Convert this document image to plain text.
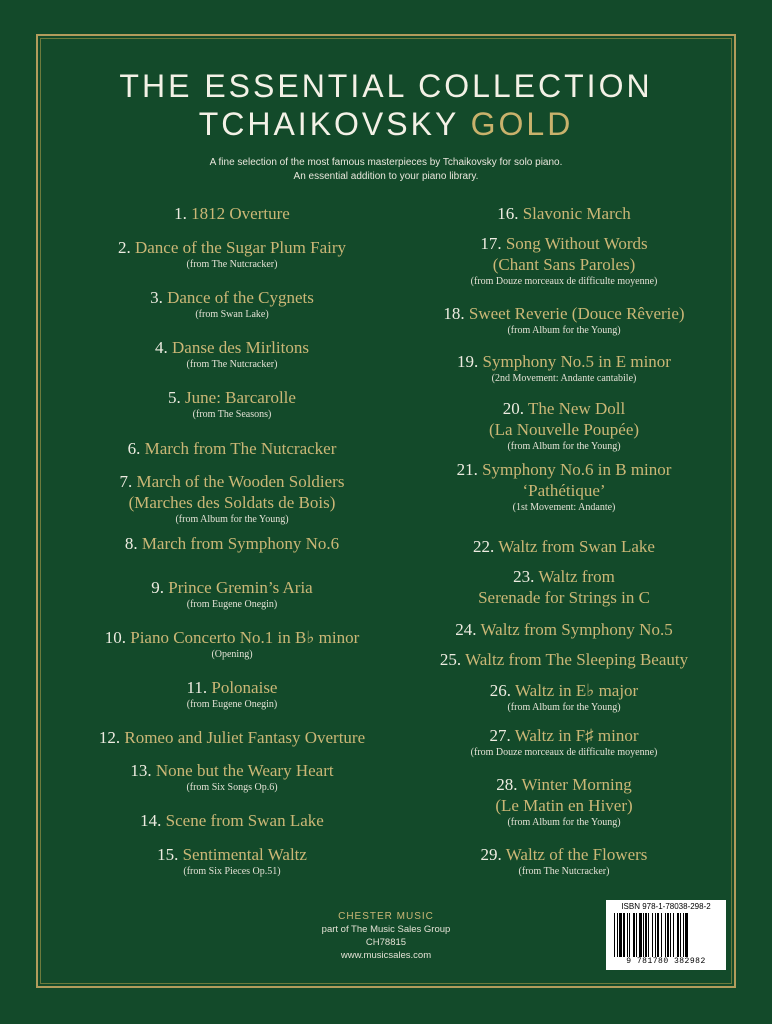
THE ESSENTIAL COLLECTION
TCHAIKOVSKY GOLD
A fine selection of the most famous masterpieces by Tchaikovsky for solo piano.
An essential addition to your piano library.
1. 1812 Overture
2. Dance of the Sugar Plum Fairy
(from The Nutcracker)
3. Dance of the Cygnets
(from Swan Lake)
4. Danse des Mirlitons
(from The Nutcracker)
5. June: Barcarolle
(from The Seasons)
6. March from The Nutcracker
7. March of the Wooden Soldiers
(Marches des Soldats de Bois)
(from Album for the Young)
8. March from Symphony No.6
9. Prince Gremin’s Aria
(from Eugene Onegin)
10. Piano Concerto No.1 in B♭ minor
(Opening)
11. Polonaise
(from Eugene Onegin)
12. Romeo and Juliet Fantasy Overture
13. None but the Weary Heart
(from Six Songs Op.6)
14. Scene from Swan Lake
15. Sentimental Waltz
(from Six Pieces Op.51)
16. Slavonic March
17. Song Without Words
(Chant Sans Paroles)
(from Douze morceaux de difficulte moyenne)
18. Sweet Reverie (Douce Rêverie)
(from Album for the Young)
19. Symphony No.5 in E minor
(2nd Movement: Andante cantabile)
20. The New Doll
(La Nouvelle Poupée)
(from Album for the Young)
21. Symphony No.6 in B minor
‘Pathétique’
(1st Movement: Andante)
22. Waltz from Swan Lake
23. Waltz from
Serenade for Strings in C
24. Waltz from Symphony No.5
25. Waltz from The Sleeping Beauty
26. Waltz in E♭ major
(from Album for the Young)
27. Waltz in F♯ minor
(from Douze morceaux de difficulte moyenne)
28. Winter Morning
(Le Matin en Hiver)
(from Album for the Young)
29. Waltz of the Flowers
(from The Nutcracker)
CHESTER MUSIC
part of The Music Sales Group
CH78815
www.musicsales.com
ISBN 978-1-78038-298-2
9 781780 382982
